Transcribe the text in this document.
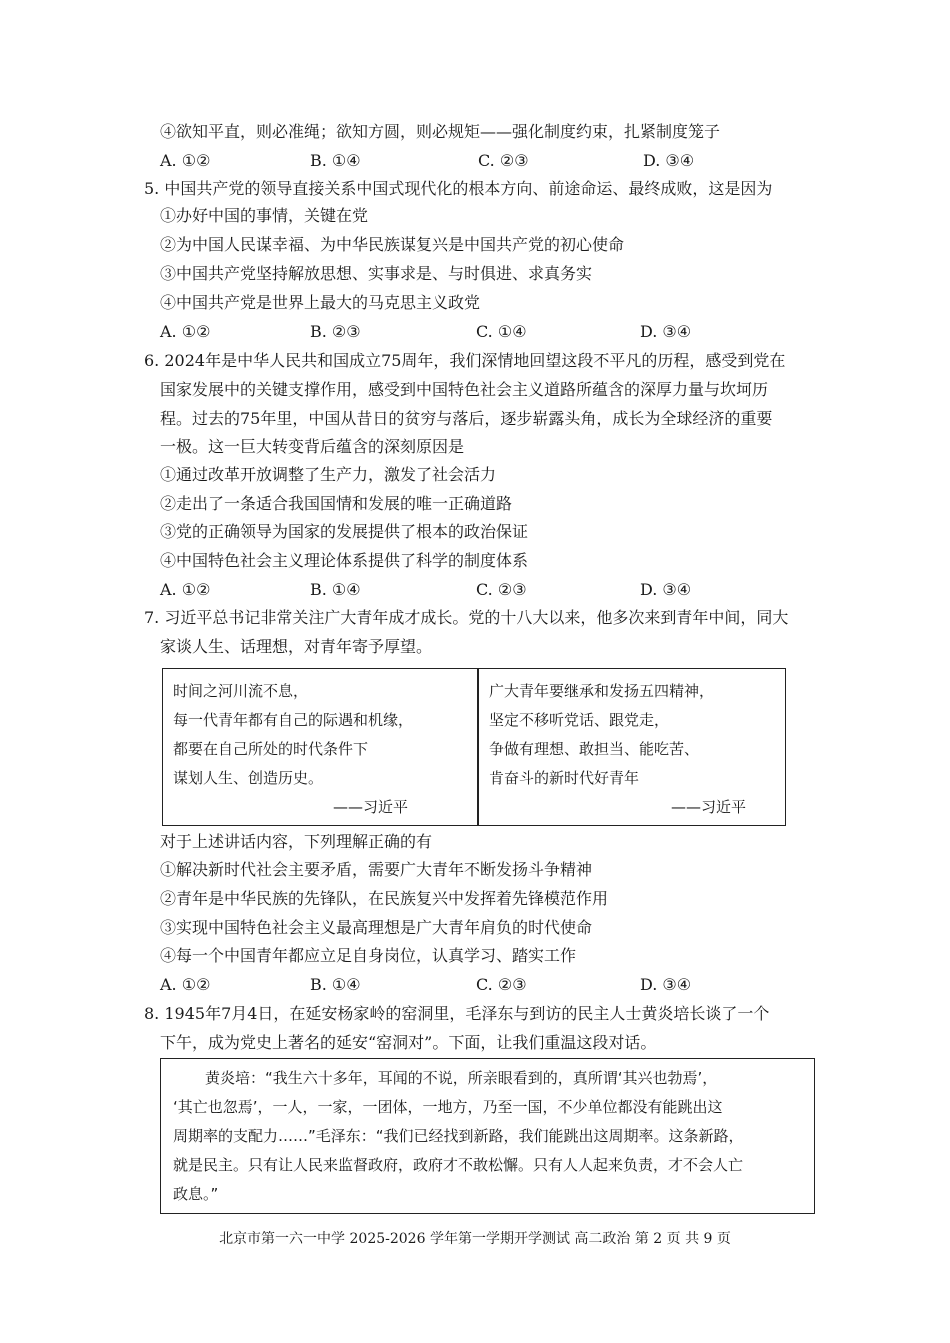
④欲知平直，则必准绳；欲知方圆，则必规矩——强化制度约束，扎紧制度笼子
A. ①②	B. ①④	C. ②③	D. ③④
5. 中国共产党的领导直接关系中国式现代化的根本方向、前途命运、最终成败，这是因为
①办好中国的事情，关键在党
②为中国人民谋幸福、为中华民族谋复兴是中国共产党的初心使命
③中国共产党坚持解放思想、实事求是、与时俱进、求真务实
④中国共产党是世界上最大的马克思主义政党
A. ①②	B. ②③	C. ①④	D. ③④
6. 2024年是中华人民共和国成立75周年，我们深情地回望这段不平凡的历程，感受到党在
国家发展中的关键支撑作用，感受到中国特色社会主义道路所蕴含的深厚力量与坎坷历
程。过去的75年里，中国从昔日的贫穷与落后，逐步崭露头角，成长为全球经济的重要
一极。这一巨大转变背后蕴含的深刻原因是
①通过改革开放调整了生产力，激发了社会活力
②走出了一条适合我国国情和发展的唯一正确道路
③党的正确领导为国家的发展提供了根本的政治保证
④中国特色社会主义理论体系提供了科学的制度体系
A. ①②	B. ①④	C. ②③	D. ③④
7. 习近平总书记非常关注广大青年成才成长。党的十八大以来，他多次来到青年中间，同大
家谈人生、话理想，对青年寄予厚望。
时间之河川流不息，
每一代青年都有自己的际遇和机缘，
都要在自己所处的时代条件下
谋划人生、创造历史。
——习近平
广大青年要继承和发扬五四精神，
坚定不移听党话、跟党走，
争做有理想、敢担当、能吃苦、
肯奋斗的新时代好青年
——习近平
对于上述讲话内容，下列理解正确的有
①解决新时代社会主要矛盾，需要广大青年不断发扬斗争精神
②青年是中华民族的先锋队，在民族复兴中发挥着先锋模范作用
③实现中国特色社会主义最高理想是广大青年肩负的时代使命
④每一个中国青年都应立足自身岗位，认真学习、踏实工作
A. ①②	B. ①④	C. ②③	D. ③④
8. 1945年7月4日，在延安杨家岭的窑洞里，毛泽东与到访的民主人士黄炎培长谈了一个
下午，成为党史上著名的延安“窑洞对”。下面，让我们重温这段对话。
黄炎培：“我生六十多年，耳闻的不说，所亲眼看到的，真所谓‘其兴也勃焉’，
‘其亡也忽焉’，一人，一家，一团体，一地方，乃至一国，不少单位都没有能跳出这
周期率的支配力……”毛泽东：“我们已经找到新路，我们能跳出这周期率。这条新路，
就是民主。只有让人民来监督政府，政府才不敢松懈。只有人人起来负责，才不会人亡
政息。”
北京市第一六一中学 2025-2026 学年第一学期开学测试 高二政治 第 2 页 共 9 页
